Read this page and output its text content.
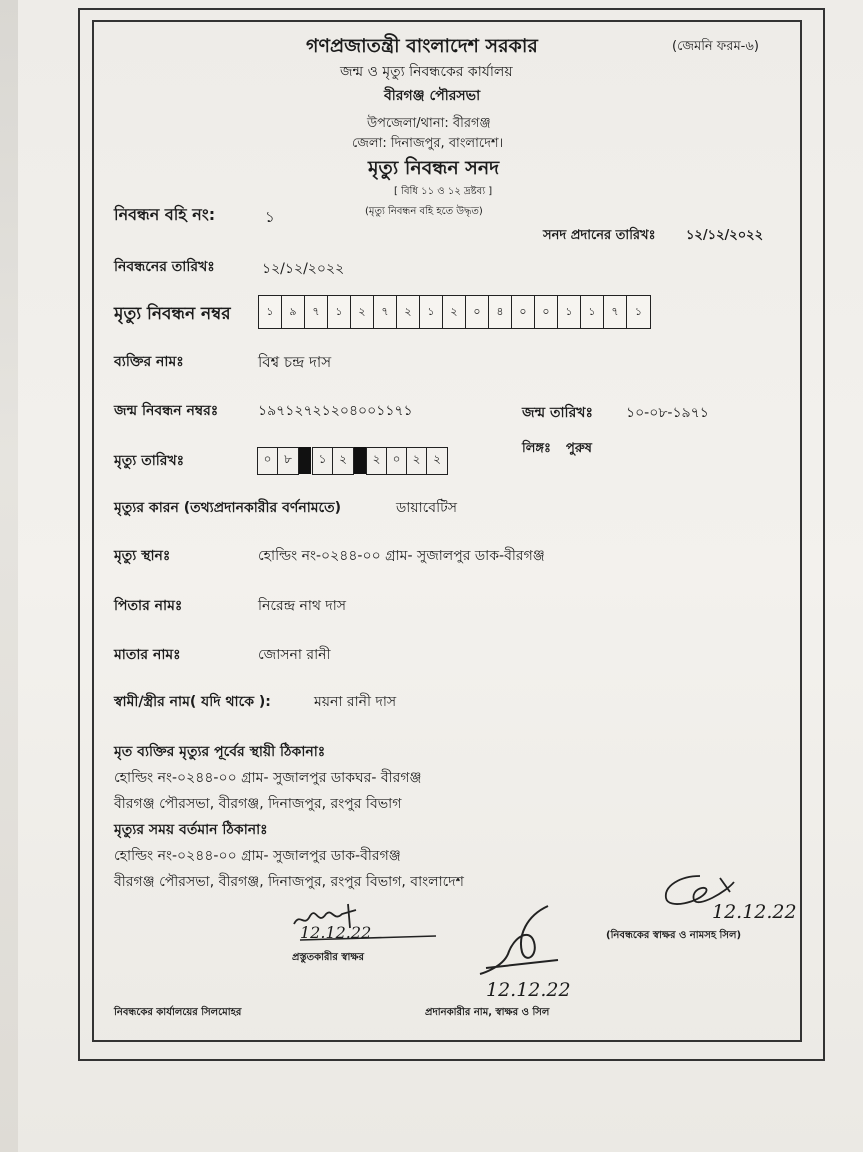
গণপ্রজাতন্ত্রী বাংলাদেশ সরকার	(জেমনি ফরম-৬)
জন্ম ও মৃত্যু নিবন্ধকের কার্যালয়
বীরগঞ্জ পৌরসভা
উপজেলা/থানা: বীরগঞ্জ
জেলা: দিনাজপুর, বাংলাদেশ।
মৃত্যু নিবন্ধন সনদ
[ বিধি ১১ ও ১২ দ্রষ্টব্য ]
(মৃত্যু নিবন্ধন বহি হতে উদ্ধৃত)
নিবন্ধন বহি নং:	১
সনদ প্রদানের তারিখঃ ১২/১২/২০২২
নিবন্ধনের তারিখঃ	১২/১২/২০২২
মৃত্যু নিবন্ধন নম্বর	১	৯	৭	১	২	৭	২	১	২	০	৪	০	০	১	১	৭	১
ব্যক্তির নামঃ	বিশ্ব চন্দ্র দাস
জন্ম নিবন্ধন নম্বরঃ	১৯৭১২৭২১২০৪০০১১৭১	জন্ম তারিখঃ ১০-০৮-১৯৭১
লিঙ্গঃ পুরুষ
মৃত্যু তারিখঃ	০	৮	১	২	২	০	২	২
মৃত্যুর কারন (তথ্যপ্রদানকারীর বর্ণনামতে)	ডায়াবেটিস
মৃত্যু স্থানঃ	হোল্ডিং নং-০২৪৪-০০ গ্রাম- সুজালপুর ডাক-বীরগঞ্জ
পিতার নামঃ	নিরেন্দ্র নাথ দাস
মাতার নামঃ	জোসনা রানী
স্বামী/স্ত্রীর নাম( যদি থাকে ):	ময়না রানী দাস
মৃত ব্যক্তির মৃত্যুর পূর্বের স্থায়ী ঠিকানাঃ
হোল্ডিং নং-০২৪৪-০০ গ্রাম- সুজালপুর ডাকঘর- বীরগঞ্জ
বীরগঞ্জ পৌরসভা, বীরগঞ্জ, দিনাজপুর, রংপুর বিভাগ
মৃত্যুর সময় বর্তমান ঠিকানাঃ
হোল্ডিং নং-০২৪৪-০০ গ্রাম- সুজালপুর ডাক-বীরগঞ্জ
বীরগঞ্জ পৌরসভা, বীরগঞ্জ, দিনাজপুর, রংপুর বিভাগ, বাংলাদেশ
12.12.22
প্রস্তুতকারীর স্বাক্ষর
12.12.22
12.12.22
(নিবন্ধকের স্বাক্ষর ও নামসহ সিল)
প্রদানকারীর নাম, স্বাক্ষর ও সিল
নিবন্ধকের কার্যালয়ের সিলমোহর
